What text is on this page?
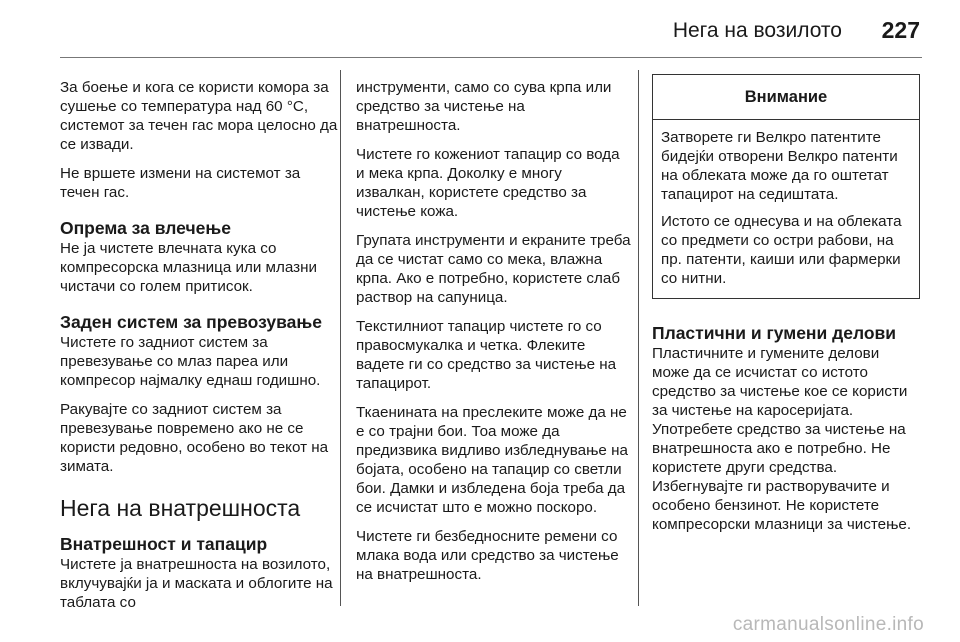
Нега на возилото 227

За боење и кога се користи комора за сушење со температура над 60 °C, системот за течен гас мора целосно да се извади.

Не вршете измени на системот за течен гас.

Опрема за влечење

Не ја чистете влечната кука со компресорска млазница или млазни чистачи со голем притисок.

Заден систем за превозување

Чистете го задниот систем за превезување со млаз пареа или компресор најмалку еднаш годишно.

Ракувајте со задниот систем за превезување повремено ако не се користи редовно, особено во текот на зимата.

Нега на внатрешноста
Внатрешност и тапацир

Чистете ја внатрешноста на возилото, вклучувајќи ја и маската и облогите на таблата со

инструменти, само со сува крпа или средство за чистење на внатрешноста.

Чистете го кожениот тапацир со вода и мека крпа. Доколку е многу извалкан, користете средство за чистење кожа.

Групата инструменти и екраните треба да се чистат само со мека, влажна крпа. Ако е потребно, користете слаб раствор на сапуница.

Текстилниот тапацир чистете го со правосмукалка и четка. Флеките вадете ги со средство за чистење на тапацирот.

Ткаенината на преслеките може да не е со трајни бои. Тоа може да предизвика видливо избледнување на бојата, особено на тапацир со светли бои. Дамки и избледена боја треба да се исчистат што е можно поскоро.

Чистете ги безбедносните ремени со млака вода или средство за чистење на внатрешноста.

Внимание

Затворете ги Велкро патентите бидејќи отворени Велкро патенти на облеката може да го оштетат тапацирот на седиштата.

Истото се однесува и на облеката со предмети со остри рабови, на пр. патенти, каиши или фармерки со нитни.

Пластични и гумени делови

Пластичните и гумените делови може да се исчистат со истото средство за чистење кое се користи за чистење на каросеријата. Употребете средство за чистење на внатрешноста ако е потребно. Не користете други средства. Избегнувајте ги растворувачите и особено бензинот. Не користете компресорски млазници за чистење.

carmanualsonline.info
